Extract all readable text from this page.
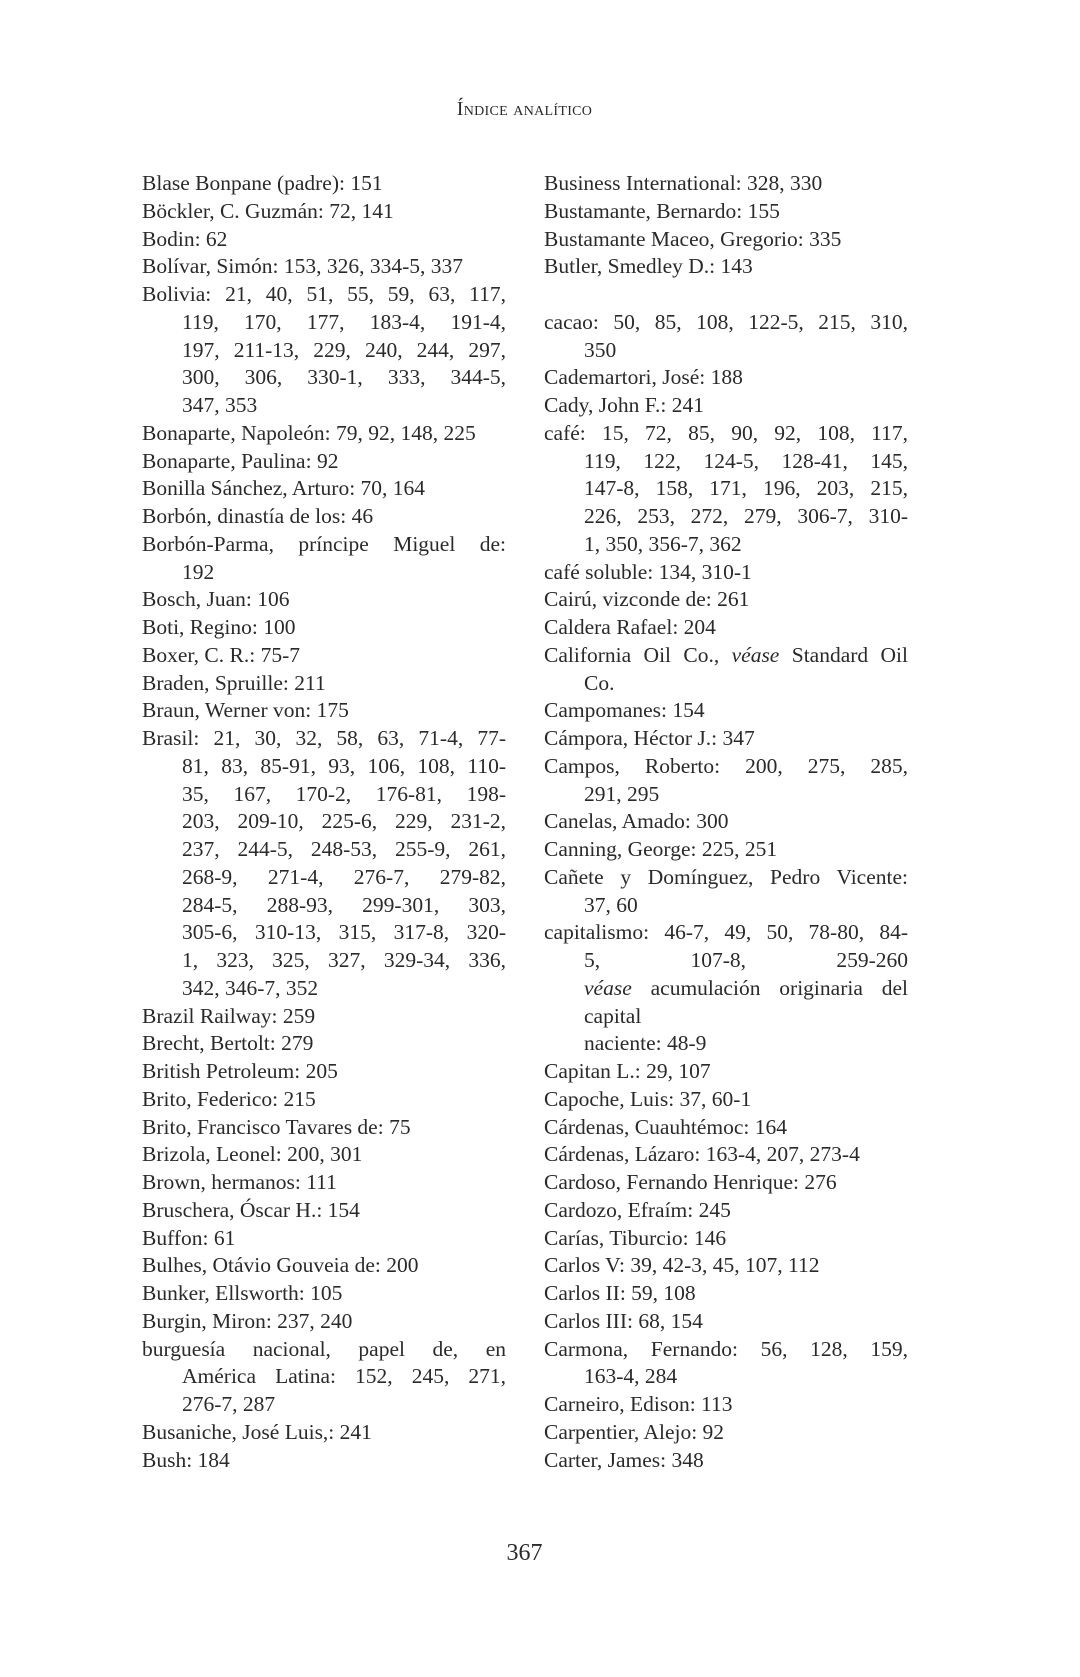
Índice analítico
Blase Bonpane (padre): 151
Böckler, C. Guzmán: 72, 141
Bodin: 62
Bolívar, Simón: 153, 326, 334-5, 337
Bolivia: 21, 40, 51, 55, 59, 63, 117,
119, 170, 177, 183-4, 191-4,
197, 211-13, 229, 240, 244, 297,
300, 306, 330-1, 333, 344-5,
347, 353
Bonaparte, Napoleón: 79, 92, 148, 225
Bonaparte, Paulina: 92
Bonilla Sánchez, Arturo: 70, 164
Borbón, dinastía de los: 46
Borbón-Parma, príncipe Miguel de:
192
Bosch, Juan: 106
Boti, Regino: 100
Boxer, C. R.: 75-7
Braden, Spruille: 211
Braun, Werner von: 175
Brasil: 21, 30, 32, 58, 63, 71-4, 77-
81, 83, 85-91, 93, 106, 108, 110-
35, 167, 170-2, 176-81, 198-
203, 209-10, 225-6, 229, 231-2,
237, 244-5, 248-53, 255-9, 261,
268-9, 271-4, 276-7, 279-82,
284-5, 288-93, 299-301, 303,
305-6, 310-13, 315, 317-8, 320-
1, 323, 325, 327, 329-34, 336,
342, 346-7, 352
Brazil Railway: 259
Brecht, Bertolt: 279
British Petroleum: 205
Brito, Federico: 215
Brito, Francisco Tavares de: 75
Brizola, Leonel: 200, 301
Brown, hermanos: 111
Bruschera, Óscar H.: 154
Buffon: 61
Bulhes, Otávio Gouveia de: 200
Bunker, Ellsworth: 105
Burgin, Miron: 237, 240
burguesía nacional, papel de, en
América Latina: 152, 245, 271,
276-7, 287
Busaniche, José Luis,: 241
Bush: 184
Business International: 328, 330
Bustamante, Bernardo: 155
Bustamante Maceo, Gregorio: 335
Butler, Smedley D.: 143
cacao: 50, 85, 108, 122-5, 215, 310,
350
Cademartori, José: 188
Cady, John F.: 241
café: 15, 72, 85, 90, 92, 108, 117,
119, 122, 124-5, 128-41, 145,
147-8, 158, 171, 196, 203, 215,
226, 253, 272, 279, 306-7, 310-
1, 350, 356-7, 362
café soluble: 134, 310-1
Cairú, vizconde de: 261
Caldera Rafael: 204
California Oil Co., véase Standard Oil
Co.
Campomanes: 154
Cámpora, Héctor J.: 347
Campos, Roberto: 200, 275, 285,
291, 295
Canelas, Amado: 300
Canning, George: 225, 251
Cañete y Domínguez, Pedro Vicente:
37, 60
capitalismo: 46-7, 49, 50, 78-80, 84-
5, 107-8, 259-260
véase acumulación originaria del
capital
naciente: 48-9
Capitan L.: 29, 107
Capoche, Luis: 37, 60-1
Cárdenas, Cuauhtémoc: 164
Cárdenas, Lázaro: 163-4, 207, 273-4
Cardoso, Fernando Henrique: 276
Cardozo, Efraím: 245
Carías, Tiburcio: 146
Carlos V: 39, 42-3, 45, 107, 112
Carlos II: 59, 108
Carlos III: 68, 154
Carmona, Fernando: 56, 128, 159,
163-4, 284
Carneiro, Edison: 113
Carpentier, Alejo: 92
Carter, James: 348
367
